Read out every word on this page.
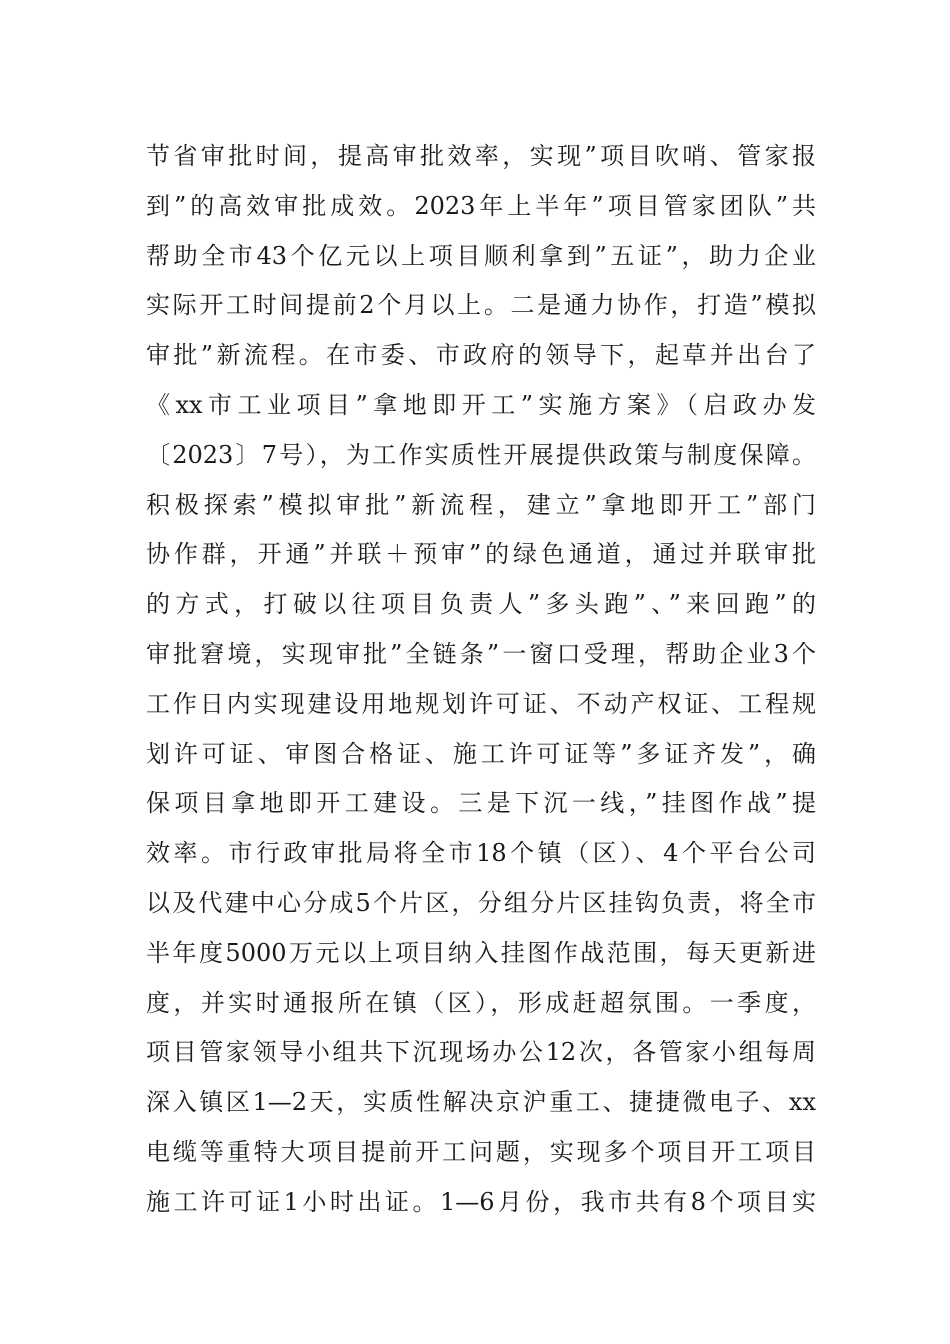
节省审批时间，提高审批效率，实现”项目吹哨、管家报
到”的高效审批成效。2023年上半年”项目管家团队”共
帮助全市43个亿元以上项目顺利拿到”五证”，助力企业
实际开工时间提前2个月以上。二是通力协作，打造”模拟
审批”新流程。在市委、市政府的领导下，起草并出台了
《xx市工业项目”拿地即开工”实施方案》（启政办发
〔2023〕7号），为工作实质性开展提供政策与制度保障。
积极探索”模拟审批”新流程，建立”拿地即开工”部门
协作群，开通”并联＋预审”的绿色通道，通过并联审批
的方式，打破以往项目负责人”多头跑”、”来回跑”的
审批窘境，实现审批”全链条”一窗口受理，帮助企业3个
工作日内实现建设用地规划许可证、不动产权证、工程规
划许可证、审图合格证、施工许可证等”多证齐发”，确
保项目拿地即开工建设。三是下沉一线，”挂图作战”提
效率。市行政审批局将全市18个镇（区）、4个平台公司
以及代建中心分成5个片区，分组分片区挂钩负责，将全市
半年度5000万元以上项目纳入挂图作战范围，每天更新进
度，并实时通报所在镇（区），形成赶超氛围。一季度，
项目管家领导小组共下沉现场办公12次，各管家小组每周
深入镇区1—2天，实质性解决京沪重工、捷捷微电子、xx
电缆等重特大项目提前开工问题，实现多个项目开工项目
施工许可证1小时出证。1—6月份，我市共有8个项目实
